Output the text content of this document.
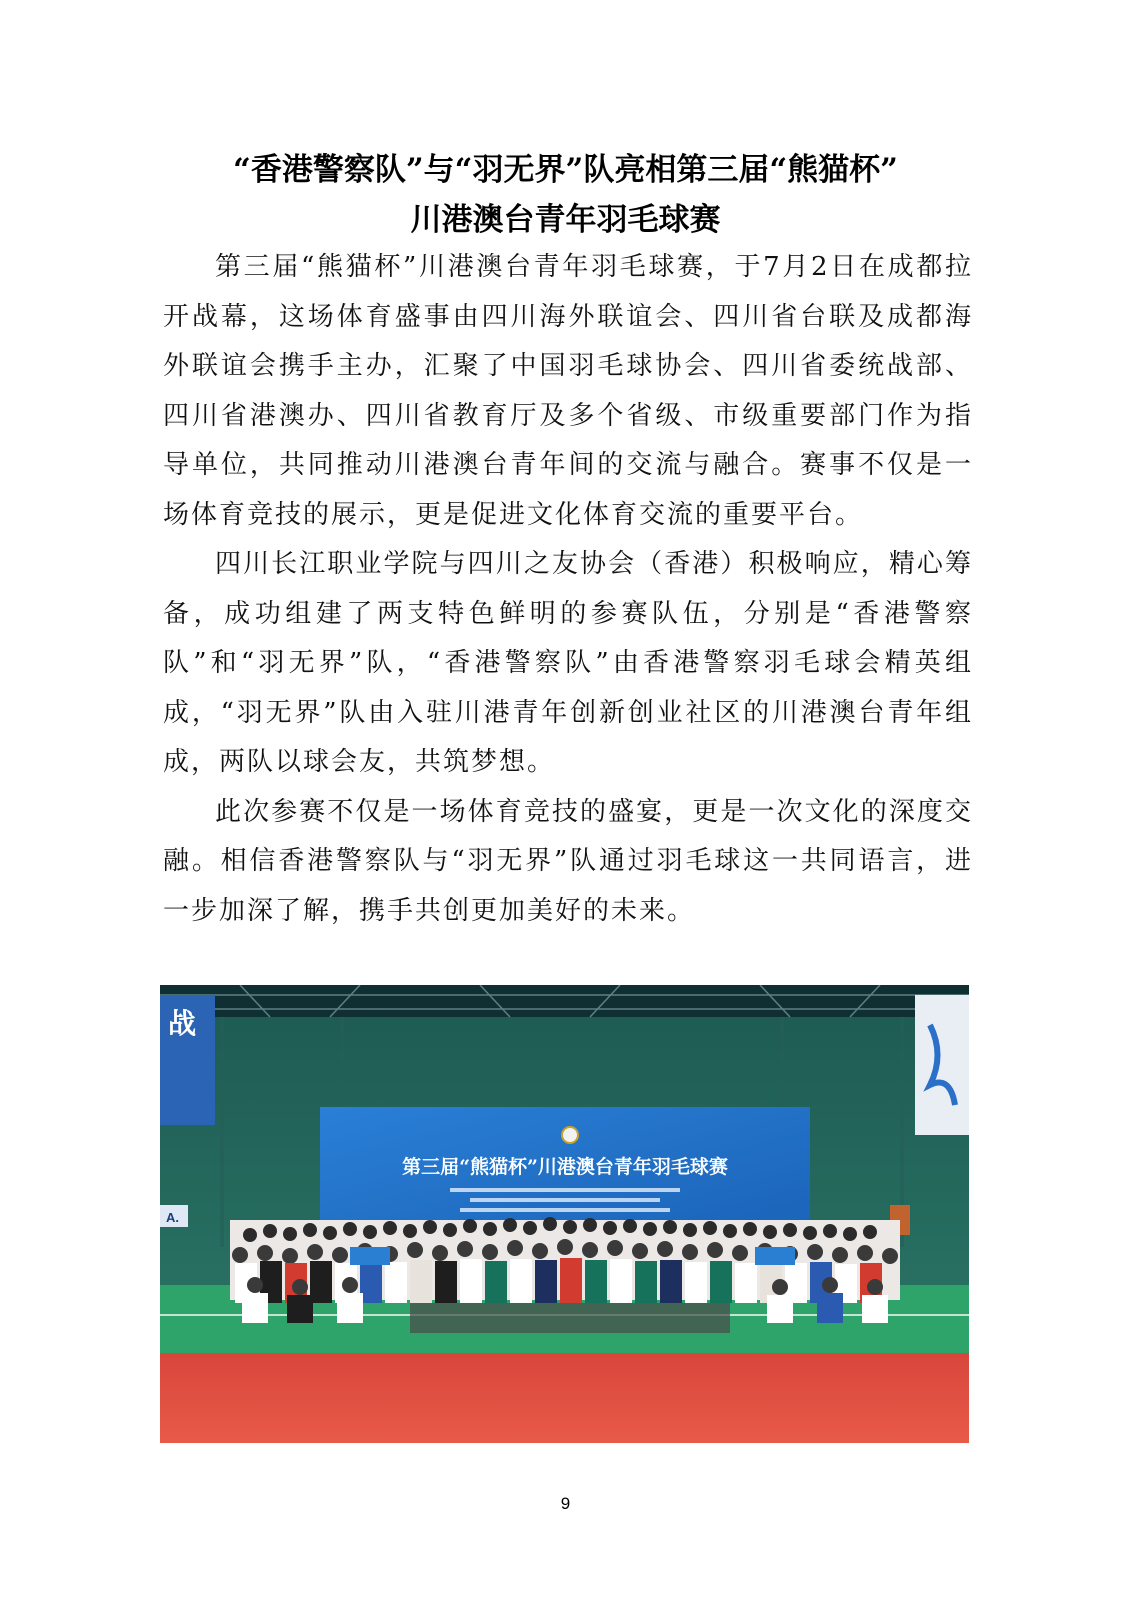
“香港警察队”与“羽无界”队亮相第三届“熊猫杯”
川港澳台青年羽毛球赛

第三届“熊猫杯”川港澳台青年羽毛球赛，于7月2日在成都拉开战幕，这场体育盛事由四川海外联谊会、四川省台联及成都海外联谊会携手主办，汇聚了中国羽毛球协会、四川省委统战部、四川省港澳办、四川省教育厅及多个省级、市级重要部门作为指导单位，共同推动川港澳台青年间的交流与融合。赛事不仅是一场体育竞技的展示，更是促进文化体育交流的重要平台。

四川长江职业学院与四川之友协会（香港）积极响应，精心筹备，成功组建了两支特色鲜明的参赛队伍，分别是“香港警察队”和“羽无界”队，“香港警察队”由香港警察羽毛球会精英组成，“羽无界”队由入驻川港青年创新创业社区的川港澳台青年组成，两队以球会友，共筑梦想。

此次参赛不仅是一场体育竞技的盛宴，更是一次文化的深度交融。相信香港警察队与“羽无界”队通过羽毛球这一共同语言，进一步加深了解，携手共创更加美好的未来。

战
A.
第三届“熊猫杯”川港澳台青年羽毛球赛
9
